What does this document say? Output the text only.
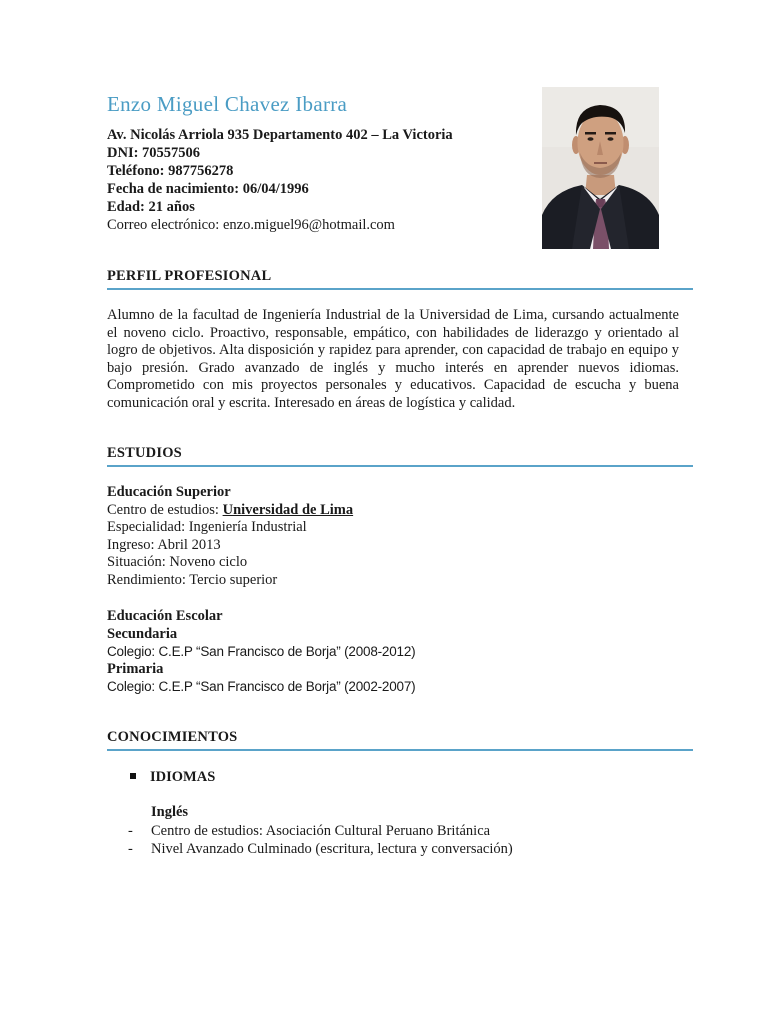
Enzo Miguel Chavez Ibarra
Av. Nicolás Arriola 935 Departamento 402 – La Victoria
DNI: 70557506
Teléfono: 987756278
Fecha de nacimiento: 06/04/1996
Edad: 21 años
Correo electrónico: enzo.miguel96@hotmail.com
PERFIL PROFESIONAL
Alumno de la facultad de Ingeniería Industrial de la Universidad de Lima, cursando actualmente el noveno ciclo. Proactivo, responsable, empático, con habilidades de liderazgo y orientado al logro de objetivos. Alta disposición y rapidez para aprender, con capacidad de trabajo en equipo y bajo presión. Grado avanzado de inglés y mucho interés en aprender nuevos idiomas. Comprometido con mis proyectos personales y educativos. Capacidad de escucha y buena comunicación oral y escrita. Interesado en áreas de logística y calidad.
ESTUDIOS
Educación Superior
Centro de estudios: Universidad de Lima
Especialidad: Ingeniería Industrial
Ingreso: Abril 2013
Situación: Noveno ciclo
Rendimiento: Tercio superior
Educación Escolar
Secundaria
Colegio: C.E.P “San Francisco de Borja” (2008-2012)
Primaria
Colegio: C.E.P “San Francisco de Borja” (2002-2007)
CONOCIMIENTOS
IDIOMAS
Inglés
- Centro de estudios: Asociación Cultural Peruano Británica
- Nivel Avanzado Culminado (escritura, lectura y conversación)
